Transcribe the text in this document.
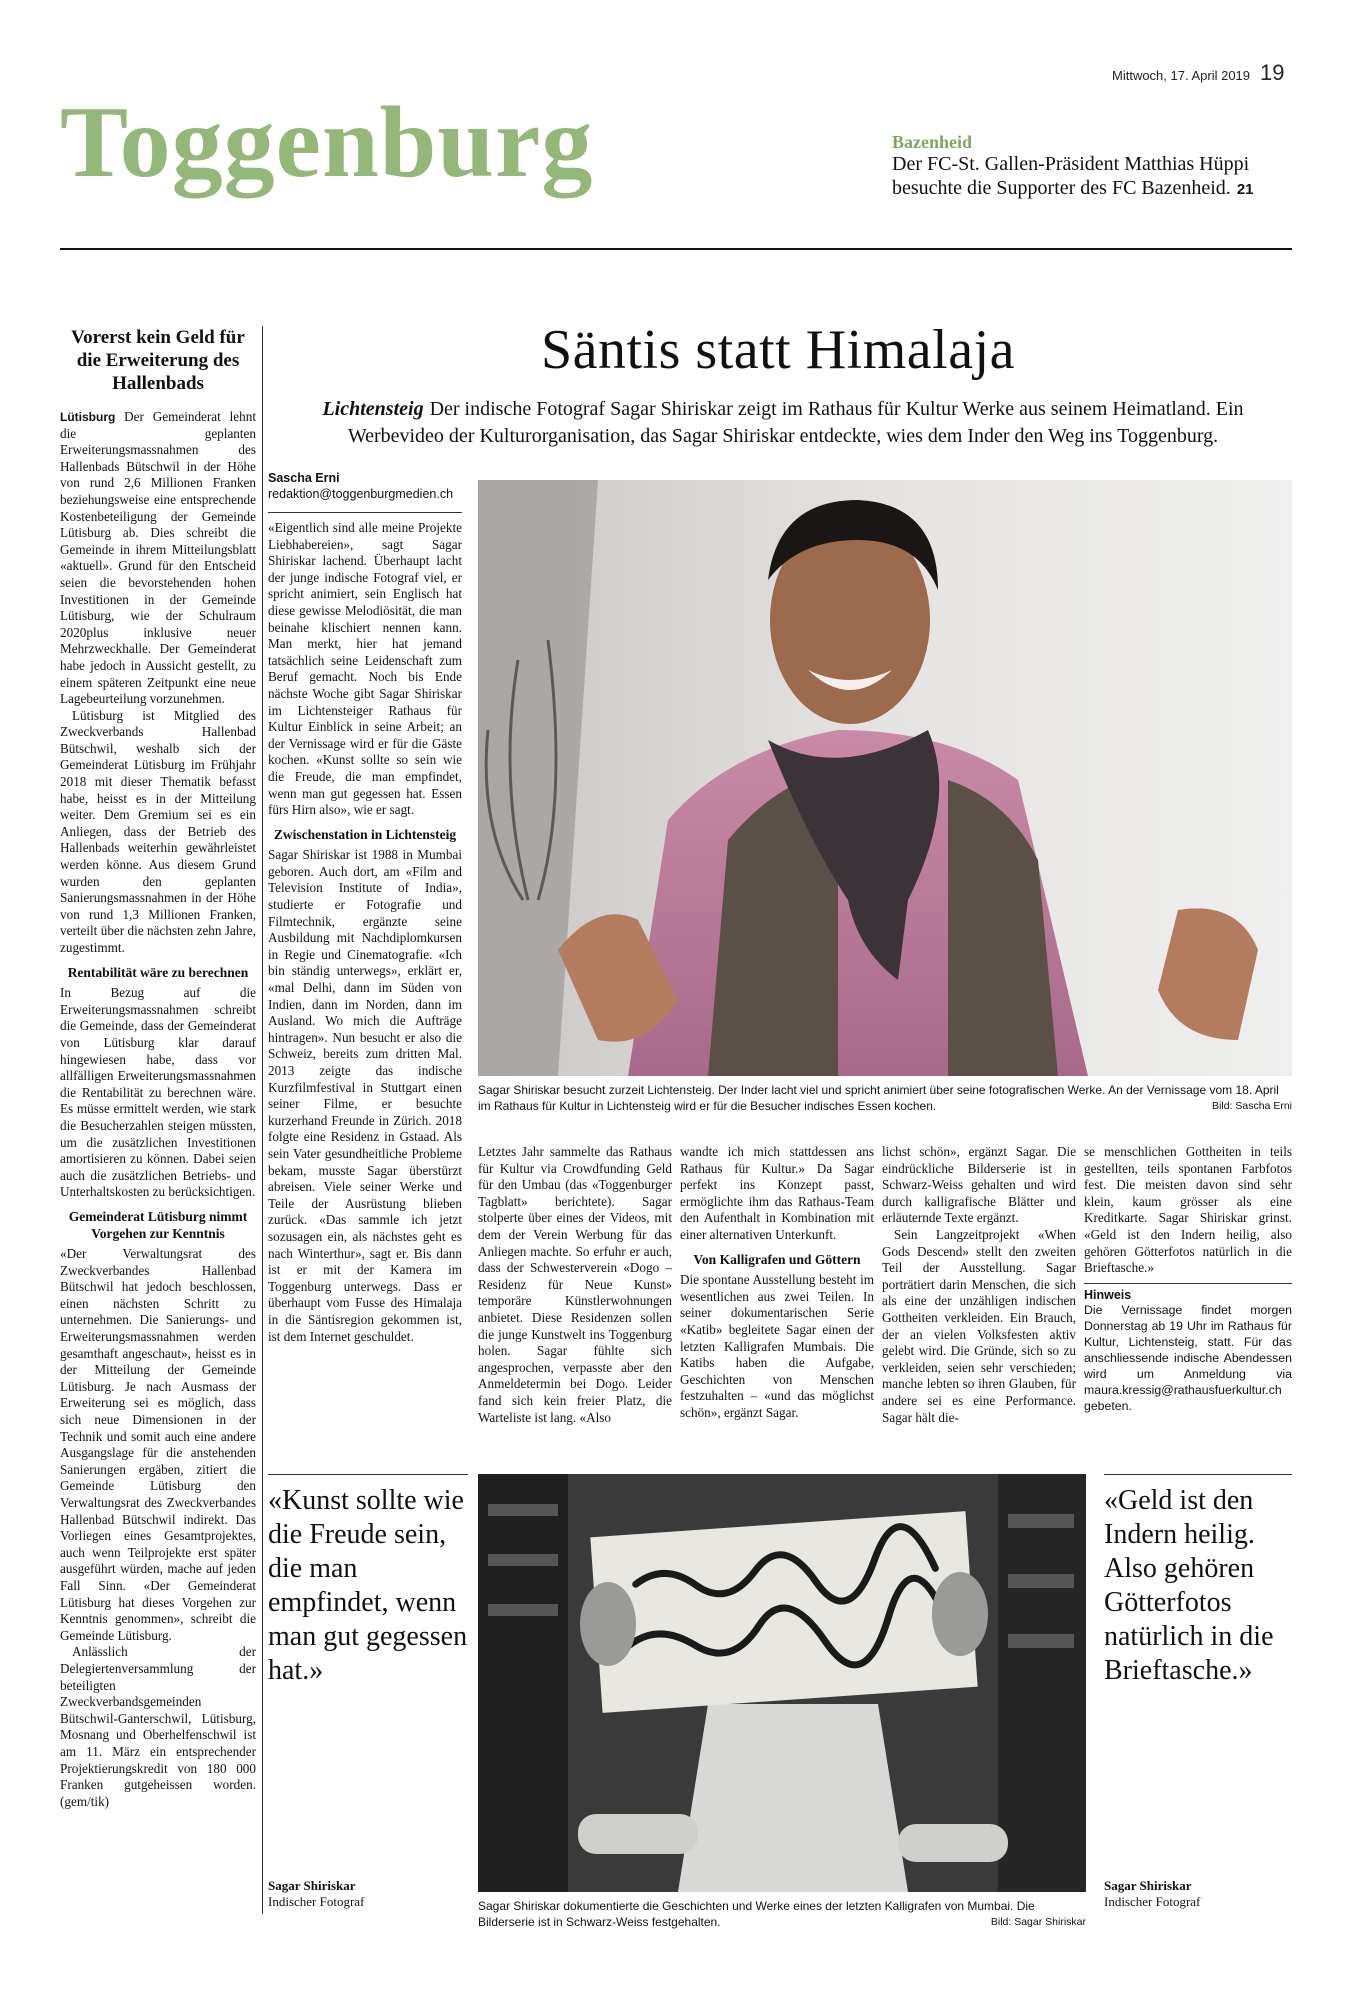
Mittwoch, 17. April 2019 19
Toggenburg	Bazenheid
Der FC-St. Gallen-Präsident Matthias Hüppi besuchte die Supporter des FC Bazenheid. 21
Vorerst kein Geld für die Erweiterung des Hallenbads

Lütisburg Der Gemeinderat lehnt die geplanten Erweiterungsmassnahmen des Hallenbads Bütschwil in der Höhe von rund 2,6 Millionen Franken beziehungsweise eine entsprechende Kostenbeteiligung der Gemeinde Lütisburg ab. Dies schreibt die Gemeinde in ihrem Mitteilungsblatt «aktuell». Grund für den Entscheid seien die bevorstehenden hohen Investitionen in der Gemeinde Lütisburg, wie der Schulraum 2020plus inklusive neuer Mehrzweckhalle. Der Gemeinderat habe jedoch in Aussicht gestellt, zu einem späteren Zeitpunkt eine neue Lagebeurteilung vorzunehmen.

Lütisburg ist Mitglied des Zweckverbands Hallenbad Bütschwil, weshalb sich der Gemeinderat Lütisburg im Frühjahr 2018 mit dieser Thematik befasst habe, heisst es in der Mitteilung weiter. Dem Gremium sei es ein Anliegen, dass der Betrieb des Hallenbads weiterhin gewährleistet werden könne. Aus diesem Grund wurden den geplanten Sanierungsmassnahmen in der Höhe von rund 1,3 Millionen Franken, verteilt über die nächsten zehn Jahre, zugestimmt.

Rentabilität wäre zu berechnen

In Bezug auf die Erweiterungsmassnahmen schreibt die Gemeinde, dass der Gemeinderat von Lütisburg klar darauf hingewiesen habe, dass vor allfälligen Erweiterungsmassnahmen die Rentabilität zu berechnen wäre. Es müsse ermittelt werden, wie stark die Besucherzahlen steigen müssten, um die zusätzlichen Investitionen amortisieren zu können. Dabei seien auch die zusätzlichen Betriebs- und Unterhaltskosten zu berücksichtigen.

Gemeinderat Lütisburg nimmt Vorgehen zur Kenntnis

«Der Verwaltungsrat des Zweckverbandes Hallenbad Bütschwil hat jedoch beschlossen, einen nächsten Schritt zu unternehmen. Die Sanierungs- und Erweiterungsmassnahmen werden gesamthaft angeschaut», heisst es in der Mitteilung der Gemeinde Lütisburg. Je nach Ausmass der Erweiterung sei es möglich, dass sich neue Dimensionen in der Technik und somit auch eine andere Ausgangslage für die anstehenden Sanierungen ergäben, zitiert die Gemeinde Lütisburg den Verwaltungsrat des Zweckverbandes Hallenbad Bütschwil indirekt. Das Vorliegen eines Gesamtprojektes, auch wenn Teilprojekte erst später ausgeführt würden, mache auf jeden Fall Sinn. «Der Gemeinderat Lütisburg hat dieses Vorgehen zur Kenntnis genommen», schreibt die Gemeinde Lütisburg.

Anlässlich der Delegiertenversammlung der beteiligten Zweckverbandsgemeinden Bütschwil-Ganterschwil, Lütisburg, Mosnang und Oberhelfenschwil ist am 11. März ein entsprechender Projektierungskredit von 180 000 Franken gutgeheissen worden. (gem/tik)

Säntis statt Himalaja
Lichtensteig Der indische Fotograf Sagar Shiriskar zeigt im Rathaus für Kultur Werke aus seinem Heimatland. Ein Werbevideo der Kulturorganisation, das Sagar Shiriskar entdeckte, wies dem Inder den Weg ins Toggenburg.
Sascha Erni
redaktion@toggenburgmedien.ch

«Eigentlich sind alle meine Projekte Liebhabereien», sagt Sagar Shiriskar lachend. Überhaupt lacht der junge indische Fotograf viel, er spricht animiert, sein Englisch hat diese gewisse Melodiösität, die man beinahe klischiert nennen kann. Man merkt, hier hat jemand tatsächlich seine Leidenschaft zum Beruf gemacht. Noch bis Ende nächste Woche gibt Sagar Shiriskar im Lichtensteiger Rathaus für Kultur Einblick in seine Arbeit; an der Vernissage wird er für die Gäste kochen. «Kunst sollte so sein wie die Freude, die man empfindet, wenn man gut gegessen hat. Essen fürs Hirn also», wie er sagt.

Zwischenstation in Lichtensteig

Sagar Shiriskar ist 1988 in Mumbai geboren. Auch dort, am «Film and Television Institute of India», studierte er Fotografie und Filmtechnik, ergänzte seine Ausbildung mit Nachdiplomkursen in Regie und Cinematografie. «Ich bin ständig unterwegs», erklärt er, «mal Delhi, dann im Süden von Indien, dann im Norden, dann im Ausland. Wo mich die Aufträge hintragen». Nun besucht er also die Schweiz, bereits zum dritten Mal. 2013 zeigte das indische Kurzfilmfestival in Stuttgart einen seiner Filme, er besuchte kurzerhand Freunde in Zürich. 2018 folgte eine Residenz in Gstaad. Als sein Vater gesundheitliche Probleme bekam, musste Sagar überstürzt abreisen. Viele seiner Werke und Teile der Ausrüstung blieben zurück. «Das sammle ich jetzt sozusagen ein, als nächstes geht es nach Winterthur», sagt er. Bis dann ist er mit der Kamera im Toggenburg unterwegs. Dass er überhaupt vom Fusse des Himalaja in die Säntisregion gekommen ist, ist dem Internet geschuldet.

Sagar Shiriskar besucht zurzeit Lichtensteig. Der Inder lacht viel und spricht animiert über seine fotografischen Werke. An der Vernissage vom 18. April im Rathaus für Kultur in Lichtensteig wird er für die Besucher indisches Essen kochen.	Bild: Sascha Erni

Letztes Jahr sammelte das Rathaus für Kultur via Crowdfunding Geld für den Umbau (das «Toggenburger Tagblatt» berichtete). Sagar stolperte über eines der Videos, mit dem der Verein Werbung für das Anliegen machte. So erfuhr er auch, dass der Schwesterverein «Dogo – Residenz für Neue Kunst» temporäre Künstlerwohnungen anbietet. Diese Residenzen sollen die junge Kunstwelt ins Toggenburg holen. Sagar fühlte sich angesprochen, verpasste aber den Anmeldetermin bei Dogo. Leider fand sich kein freier Platz, die Warteliste ist lang. «Also

wandte ich mich stattdessen ans Rathaus für Kultur.» Da Sagar perfekt ins Konzept passt, ermöglichte ihm das Rathaus-Team den Aufenthalt in Kombination mit einer alternativen Unterkunft.

Von Kalligrafen und Göttern

Die spontane Ausstellung besteht im wesentlichen aus zwei Teilen. In seiner dokumentarischen Serie «Katib» begleitete Sagar einen der letzten Kalligrafen Mumbais. Die Katibs haben die Aufgabe, Geschichten von Menschen festzuhalten – «und das möglichst schön», ergänzt Sagar.

lichst schön», ergänzt Sagar. Die eindrückliche Bilderserie ist in Schwarz-Weiss gehalten und wird durch kalligrafische Blätter und erläuternde Texte ergänzt.

Sein Langzeitprojekt «When Gods Descend» stellt den zweiten Teil der Ausstellung. Sagar porträtiert darin Menschen, die sich als eine der unzähligen indischen Gottheiten verkleiden. Ein Brauch, der an vielen Volksfesten aktiv gelebt wird. Die Gründe, sich so zu verkleiden, seien sehr verschieden; manche lebten so ihren Glauben, für andere sei es eine Performance. Sagar hält die-

se menschlichen Gottheiten in teils gestellten, teils spontanen Farbfotos fest. Die meisten davon sind sehr klein, kaum grösser als eine Kreditkarte. Sagar Shiriskar grinst. «Geld ist den Indern heilig, also gehören Götterfotos natürlich in die Brieftasche.»

Hinweis
Die Vernissage findet morgen Donnerstag ab 19 Uhr im Rathaus für Kultur, Lichtensteig, statt. Für das anschliessende indische Abendessen wird um Anmeldung via maura.kressig@rathausfuerkultur.ch gebeten.
«Kunst sollte wie die Freude sein, die man empfindet, wenn man gut gegessen hat.»
«Geld ist den Indern heilig. Also gehören Götterfotos natürlich in die Brieftasche.»
Sagar Shiriskar
Indischer Fotograf
Sagar Shiriskar
Indischer Fotograf
Sagar Shiriskar dokumentierte die Geschichten und Werke eines der letzten Kalligrafen von Mumbai. Die Bilderserie ist in Schwarz-Weiss festgehalten.	Bild: Sagar Shiriskar
